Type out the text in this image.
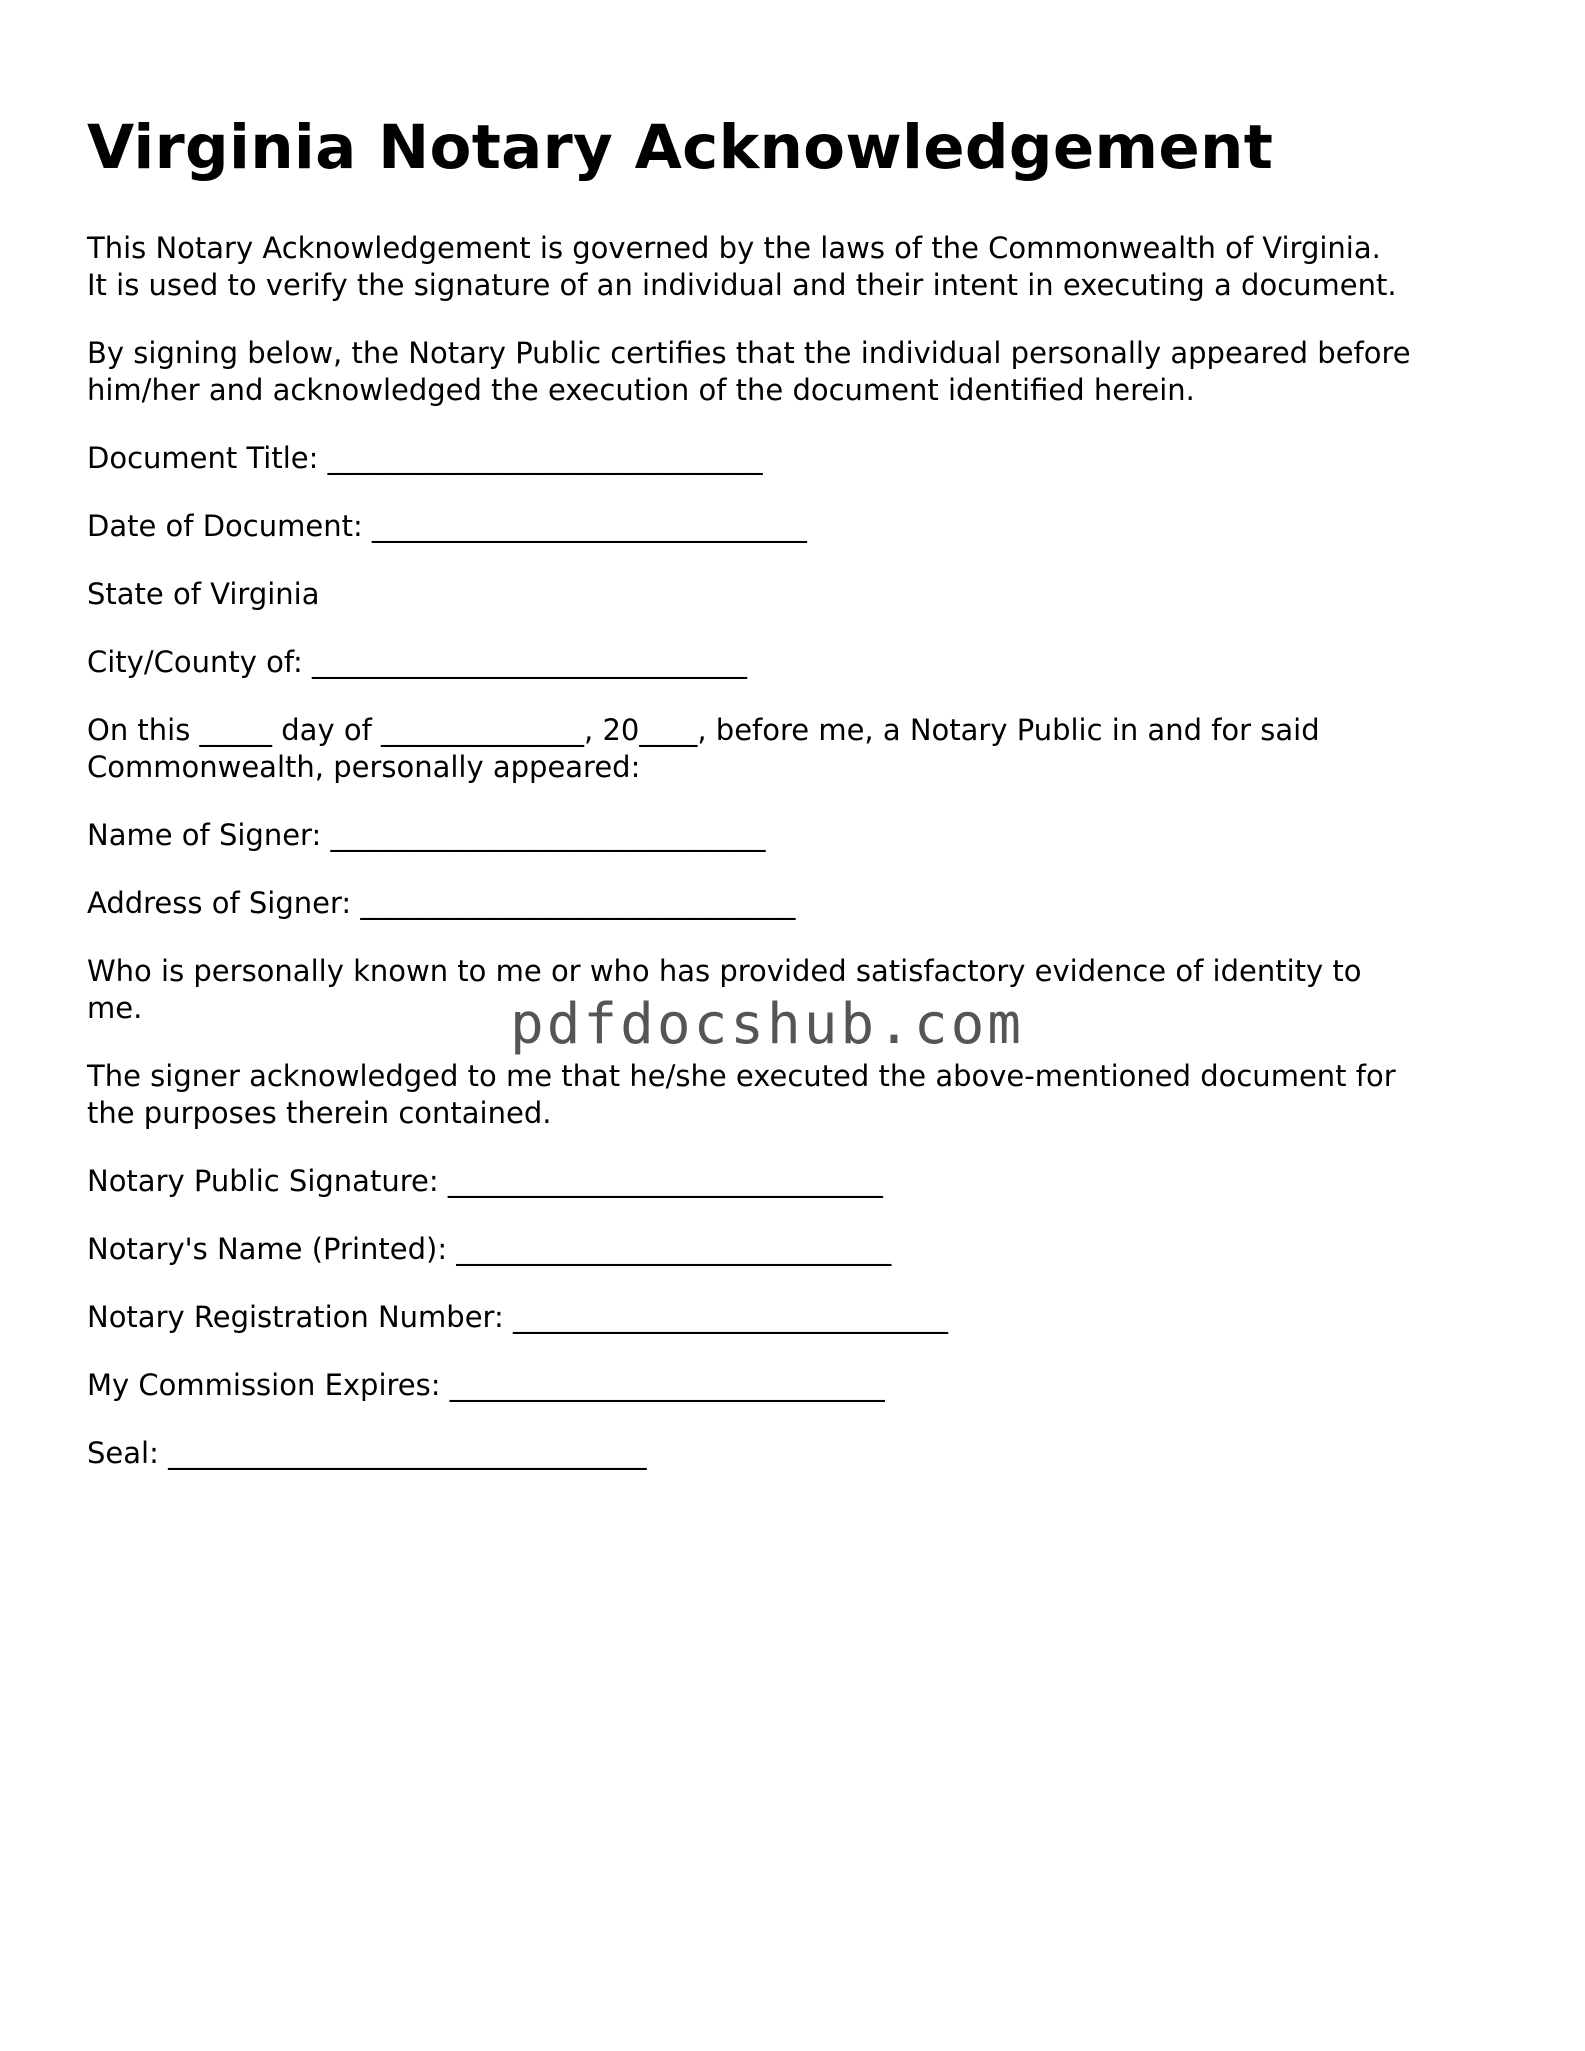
Virginia Notary Acknowledgement

This Notary Acknowledgement is governed by the laws of the Commonwealth of Virginia.
It is used to verify the signature of an individual and their intent in executing a document.

By signing below, the Notary Public certifies that the individual personally appeared before
him/her and acknowledged the execution of the document identified herein.

Document Title: ______________________________

Date of Document: ______________________________

State of Virginia

City/County of: ______________________________

On this _____ day of ______________, 20____, before me, a Notary Public in and for said
Commonwealth, personally appeared:

Name of Signer: ______________________________

Address of Signer: ______________________________

Who is personally known to me or who has provided satisfactory evidence of identity to
me.

The signer acknowledged to me that he/she executed the above-mentioned document for
the purposes therein contained.

Notary Public Signature: ______________________________

Notary's Name (Printed): ______________________________

Notary Registration Number: ______________________________

My Commission Expires: ______________________________

Seal: _________________________________

pdfdocshub.com
